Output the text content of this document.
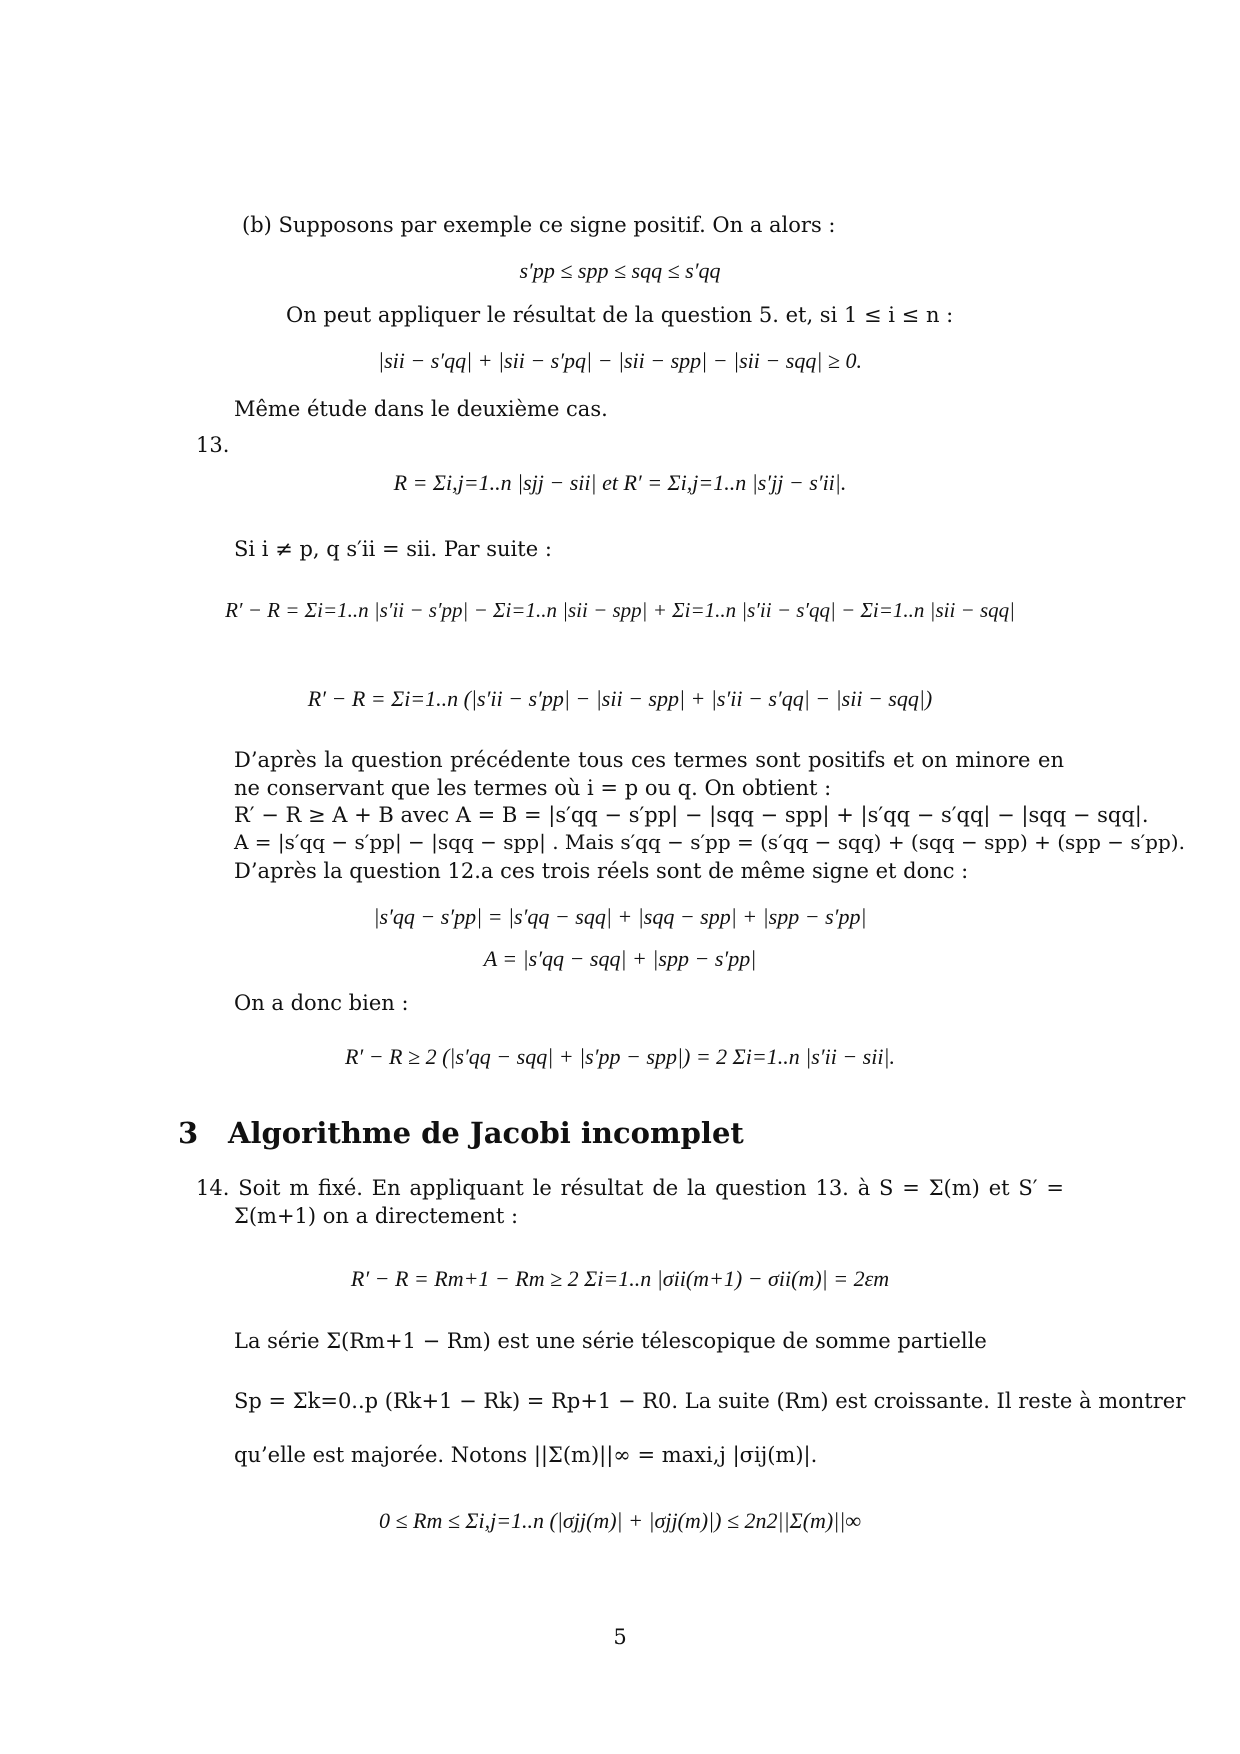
(b) Supposons par exemple ce signe positif. On a alors :
s′pp ≤ spp ≤ sqq ≤ s′qq
On peut appliquer le résultat de la question 5. et, si 1 ≤ i ≤ n :
|sii − s′qq| + |sii − s′pq| − |sii − spp| − |sii − sqq| ≥ 0.
Même étude dans le deuxième cas.
13.
R = Σi,j=1..n |sjj − sii| et R′ = Σi,j=1..n |s′jj − s′ii|.
Si i ≠ p, q s′ii = sii. Par suite :
R′ − R = Σi=1..n |s′ii − s′pp| − Σi=1..n |sii − spp| + Σi=1..n |s′ii − s′qq| − Σi=1..n |sii − sqq|
R′ − R = Σi=1..n (|s′ii − s′pp| − |sii − spp| + |s′ii − s′qq| − |sii − sqq|)
D’après la question précédente tous ces termes sont positifs et on minore en ne conservant que les termes où i = p ou q. On obtient :
R′ − R ≥ A + B avec A = B = |s′qq − s′pp| − |sqq − spp| + |s′qq − s′qq| − |sqq − sqq|.
A = |s′qq − s′pp| − |sqq − spp| . Mais s′qq − s′pp = (s′qq − sqq) + (sqq − spp) + (spp − s′pp).
D’après la question 12.a ces trois réels sont de même signe et donc :
|s′qq − s′pp| = |s′qq − sqq| + |sqq − spp| + |spp − s′pp|
A = |s′qq − sqq| + |spp − s′pp|
On a donc bien :
R′ − R ≥ 2 (|s′qq − sqq| + |s′pp − spp|) = 2 Σi=1..n |s′ii − sii|.
3 Algorithme de Jacobi incomplet
14. Soit m fixé. En appliquant le résultat de la question 13. à S = Σ(m) et S′ = Σ(m+1) on a directement :
R′ − R = Rm+1 − Rm ≥ 2 Σi=1..n |σii(m+1) − σii(m)| = 2εm
La série Σ(Rm+1 − Rm) est une série télescopique de somme partielle
Sp = Σk=0..p (Rk+1 − Rk) = Rp+1 − R0. La suite (Rm) est croissante. Il reste à montrer
qu’elle est majorée. Notons ||Σ(m)||∞ = maxi,j |σij(m)|.
0 ≤ Rm ≤ Σi,j=1..n (|σjj(m)| + |σjj(m)|) ≤ 2n2||Σ(m)||∞
5
